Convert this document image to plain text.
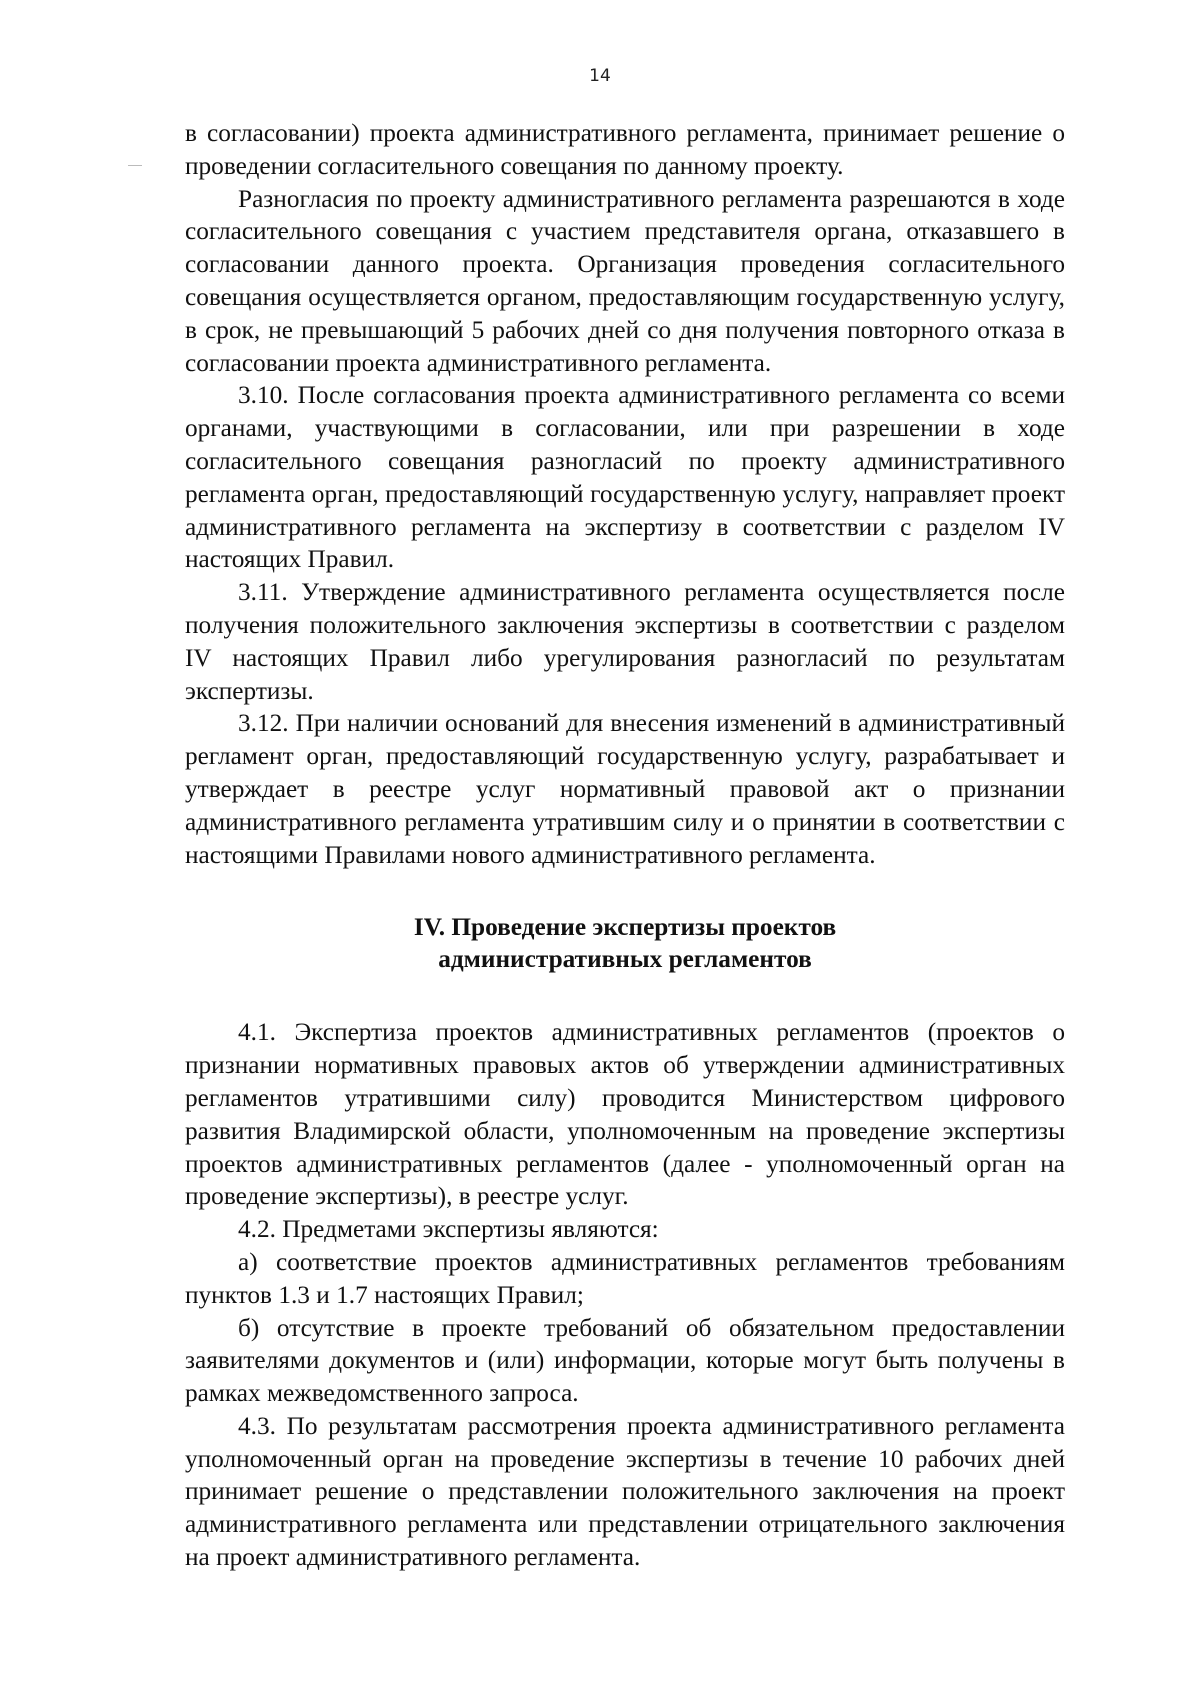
14

в согласовании) проекта административного регламента, принимает решение о проведении согласительного совещания по данному проекту.

Разногласия по проекту административного регламента разрешаются в ходе согласительного совещания с участием представителя органа, отказавшего в согласовании данного проекта. Организация проведения согласительного совещания осуществляется органом, предоставляющим государственную услугу, в срок, не превышающий 5 рабочих дней со дня получения повторного отказа в согласовании проекта административного регламента.

3.10. После согласования проекта административного регламента со всеми органами, участвующими в согласовании, или при разрешении в ходе согласительного совещания разногласий по проекту административного регламента орган, предоставляющий государственную услугу, направляет проект административного регламента на экспертизу в соответствии с разделом IV настоящих Правил.

3.11. Утверждение административного регламента осуществляется после получения положительного заключения экспертизы в соответствии с разделом IV настоящих Правил либо урегулирования разногласий по результатам экспертизы.

3.12. При наличии оснований для внесения изменений в административный регламент орган, предоставляющий государственную услугу, разрабатывает и утверждает в реестре услуг нормативный правовой акт о признании административного регламента утратившим силу и о принятии в соответствии с настоящими Правилами нового административного регламента.

IV. Проведение экспертизы проектов
административных регламентов

4.1. Экспертиза проектов административных регламентов (проектов о признании нормативных правовых актов об утверждении административных регламентов утратившими силу) проводится Министерством цифрового развития Владимирской области, уполномоченным на проведение экспертизы проектов административных регламентов (далее - уполномоченный орган на проведение экспертизы), в реестре услуг.

4.2. Предметами экспертизы являются:

а) соответствие проектов административных регламентов требованиям пунктов 1.3 и 1.7 настоящих Правил;

б) отсутствие в проекте требований об обязательном предоставлении заявителями документов и (или) информации, которые могут быть получены в рамках межведомственного запроса.

4.3. По результатам рассмотрения проекта административного регламента уполномоченный орган на проведение экспертизы в течение 10 рабочих дней принимает решение о представлении положительного заключения на проект административного регламента или представлении отрицательного заключения на проект административного регламента.
